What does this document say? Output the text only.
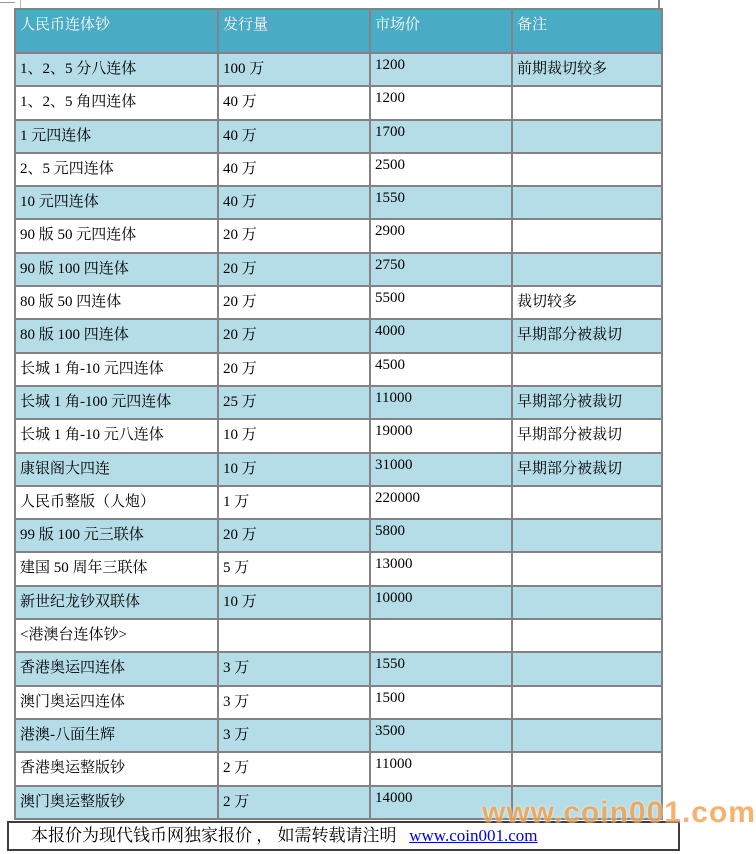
人民币连体钞	发行量	市场价	备注
1、2、5 分八连体	100 万	1200	前期裁切较多
1、2、5 角四连体	40 万	1200	
1 元四连体	40 万	1700	
2、5 元四连体	40 万	2500	
10 元四连体	40 万	1550	
90 版 50 元四连体	20 万	2900	
90 版 100 四连体	20 万	2750	
80 版 50 四连体	20 万	5500	裁切较多
80 版 100 四连体	20 万	4000	早期部分被裁切
长城 1 角-10 元四连体	20 万	4500	
长城 1 角-100 元四连体	25 万	11000	早期部分被裁切
长城 1 角-10 元八连体	10 万	19000	早期部分被裁切
康银阁大四连	10 万	31000	早期部分被裁切
人民币整版（人炮）	1 万	220000	
99 版 100 元三联体	20 万	5800	
建国 50 周年三联体	5 万	13000	
新世纪龙钞双联体	10 万	10000	
<港澳台连体钞>			
香港奥运四连体	3 万	1550	
澳门奥运四连体	3 万	1500	
港澳-八面生辉	3 万	3500	
香港奥运整版钞	2 万	11000	
澳门奥运整版钞	2 万	14000	
本报价为现代钱币网独家报价 ， 如需转载请注明 www.coin001.com
www.coin001.com
